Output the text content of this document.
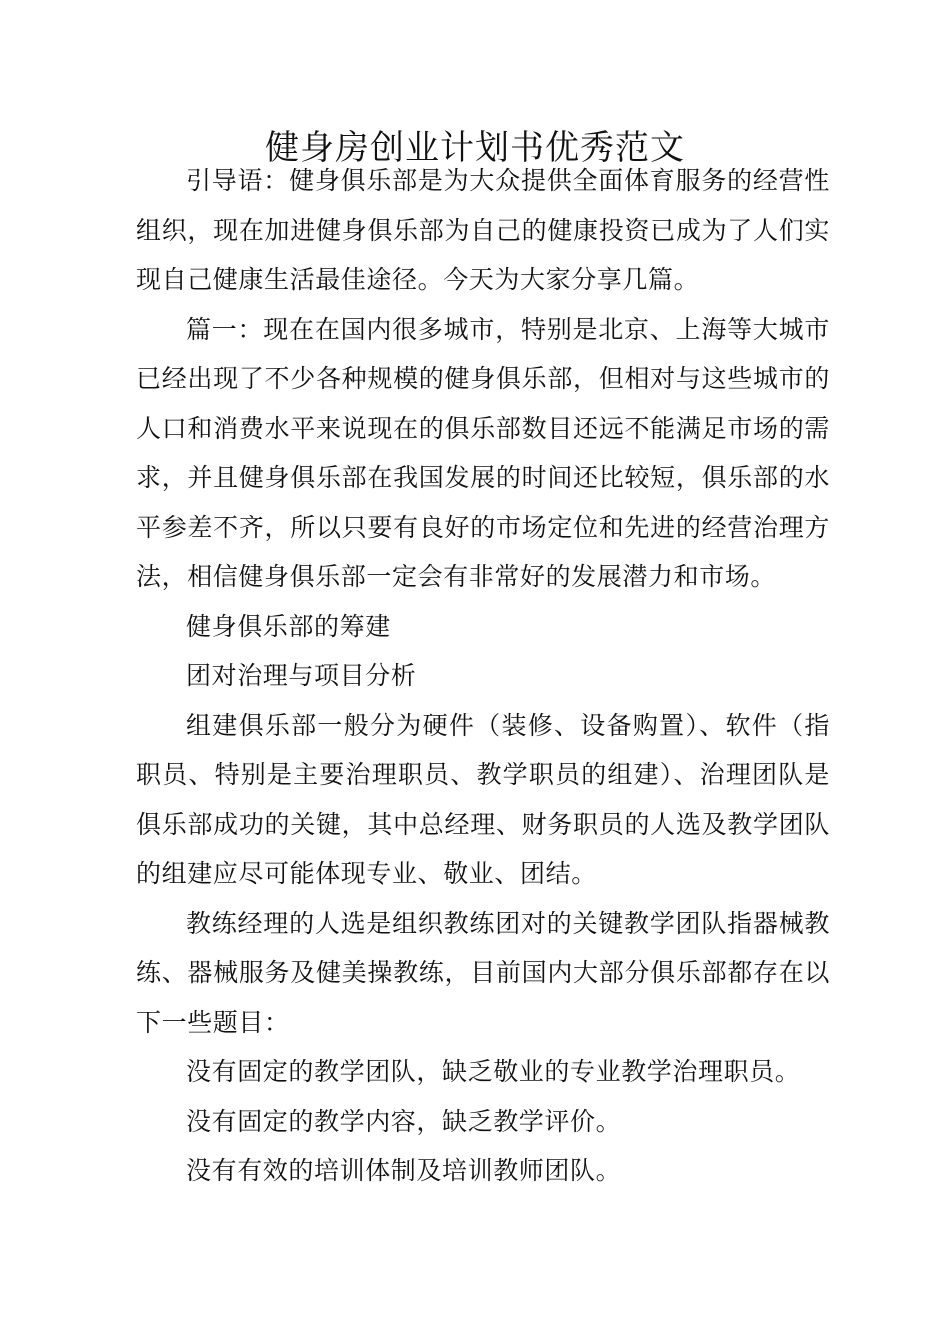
健身房创业计划书优秀范文

引导语：健身俱乐部是为大众提供全面体育服务的经营性组织，现在加进健身俱乐部为自己的健康投资已成为了人们实现自己健康生活最佳途径。今天为大家分享几篇。

篇一：现在在国内很多城市，特别是北京、上海等大城市已经出现了不少各种规模的健身俱乐部，但相对与这些城市的人口和消费水平来说现在的俱乐部数目还远不能满足市场的需求，并且健身俱乐部在我国发展的时间还比较短，俱乐部的水平参差不齐，所以只要有良好的市场定位和先进的经营治理方法，相信健身俱乐部一定会有非常好的发展潜力和市场。

健身俱乐部的筹建

团对治理与项目分析

组建俱乐部一般分为硬件（装修、设备购置）、软件（指职员、特别是主要治理职员、教学职员的组建）、治理团队是俱乐部成功的关键，其中总经理、财务职员的人选及教学团队的组建应尽可能体现专业、敬业、团结。

教练经理的人选是组织教练团对的关键教学团队指器械教练、器械服务及健美操教练，目前国内大部分俱乐部都存在以下一些题目：

没有固定的教学团队，缺乏敬业的专业教学治理职员。

没有固定的教学内容，缺乏教学评价。

没有有效的培训体制及培训教师团队。
